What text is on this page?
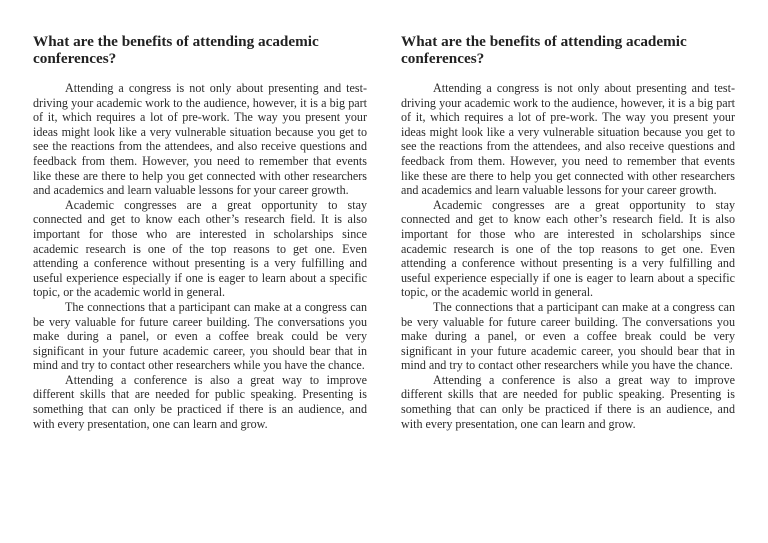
What are the benefits of attending academic conferences?

Attending a congress is not only about presenting and test-driving your academic work to the audience, however, it is a big part of it, which requires a lot of pre-work. The way you present your ideas might look like a very vulnerable situation because you get to see the reactions from the attendees, and also receive questions and feedback from them. However, you need to remember that events like these are there to help you get connected with other researchers and academics and learn valuable lessons for your career growth.

Academic congresses are a great opportunity to stay connected and get to know each other’s research field. It is also important for those who are interested in scholarships since academic research is one of the top reasons to get one. Even attending a conference without presenting is a very fulfilling and useful experience especially if one is eager to learn about a specific topic, or the academic world in general.

The connections that a participant can make at a congress can be very valuable for future career building. The conversations you make during a panel, or even a coffee break could be very significant in your future academic career, you should bear that in mind and try to contact other researchers while you have the chance.

Attending a conference is also a great way to improve different skills that are needed for public speaking. Presenting is something that can only be practiced if there is an audience, and with every presentation, one can learn and grow.

What are the benefits of attending academic conferences?

Attending a congress is not only about presenting and test-driving your academic work to the audience, however, it is a big part of it, which requires a lot of pre-work. The way you present your ideas might look like a very vulnerable situation because you get to see the reactions from the attendees, and also receive questions and feedback from them. However, you need to remember that events like these are there to help you get connected with other researchers and academics and learn valuable lessons for your career growth.

Academic congresses are a great opportunity to stay connected and get to know each other’s research field. It is also important for those who are interested in scholarships since academic research is one of the top reasons to get one. Even attending a conference without presenting is a very fulfilling and useful experience especially if one is eager to learn about a specific topic, or the academic world in general.

The connections that a participant can make at a congress can be very valuable for future career building. The conversations you make during a panel, or even a coffee break could be very significant in your future academic career, you should bear that in mind and try to contact other researchers while you have the chance.

Attending a conference is also a great way to improve different skills that are needed for public speaking. Presenting is something that can only be practiced if there is an audience, and with every presentation, one can learn and grow.
